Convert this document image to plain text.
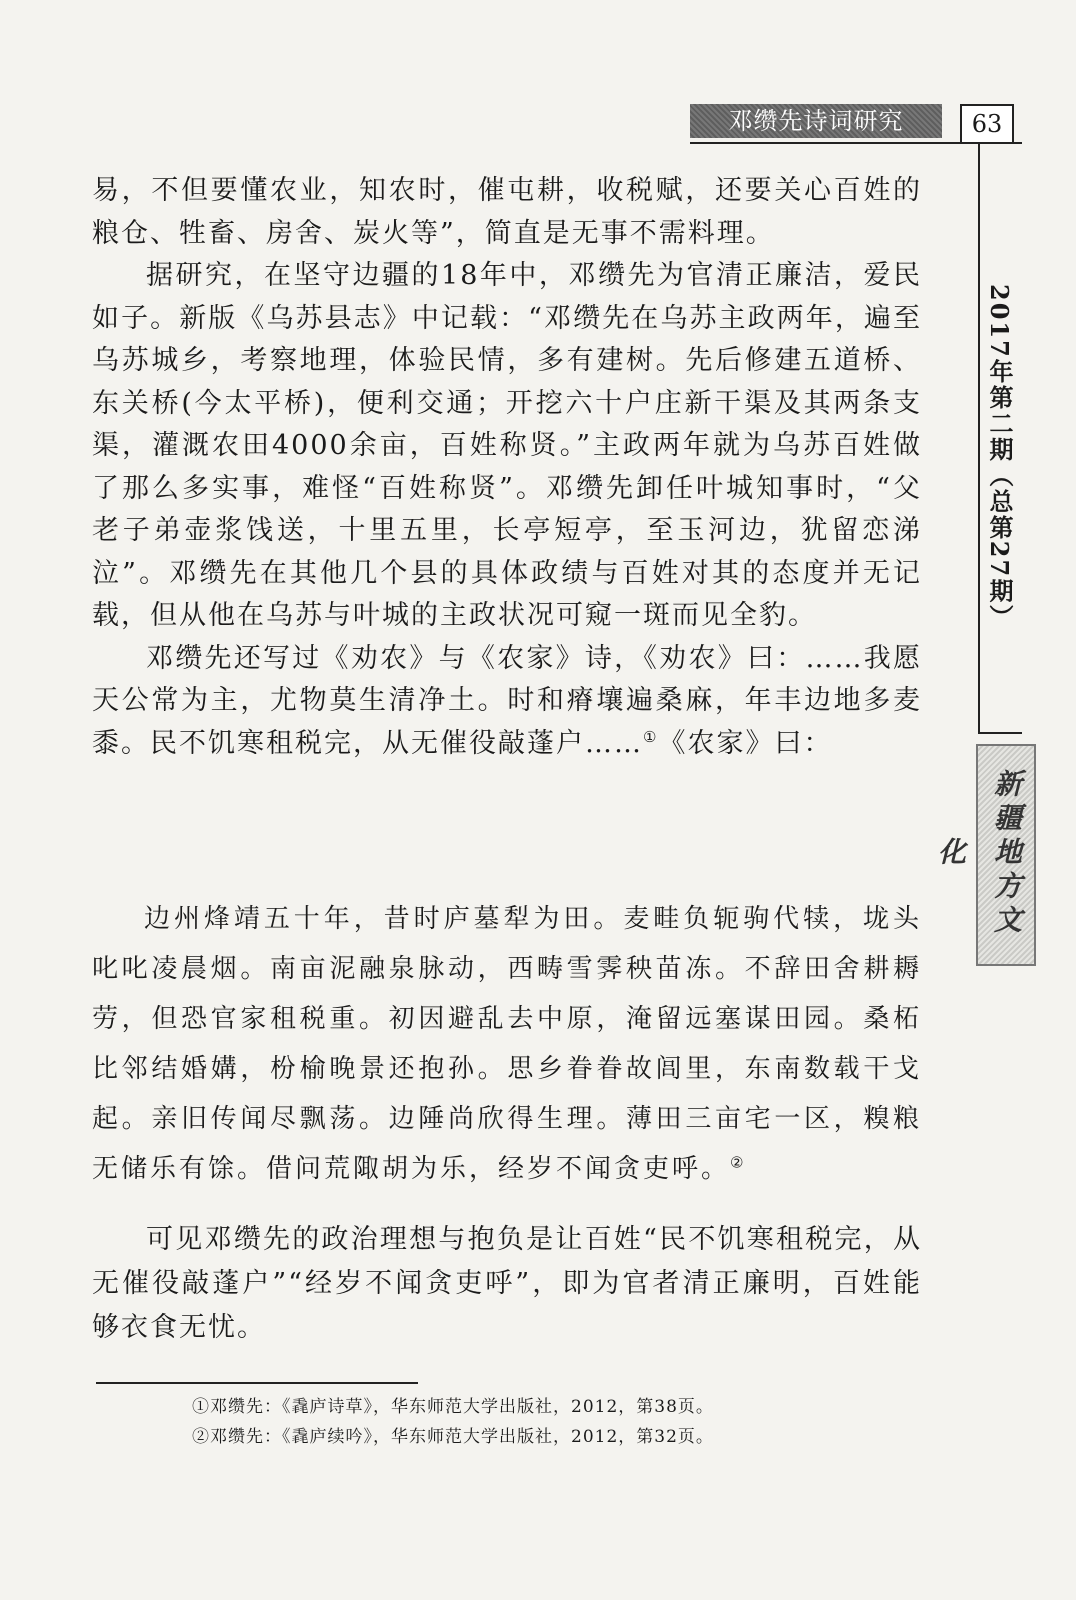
邓缵先诗词研究	63
2017年第二期（总第27期）
新疆地方文化

易，不但要懂农业，知农时，催屯耕，收税赋，还要关心百姓的粮仓、牲畜、房舍、炭火等”，简直是无事不需料理。

据研究，在坚守边疆的18年中，邓缵先为官清正廉洁，爱民如子。新版《乌苏县志》中记载：“邓缵先在乌苏主政两年，遍至乌苏城乡，考察地理，体验民情，多有建树。先后修建五道桥、东关桥(今太平桥)，便利交通；开挖六十户庄新干渠及其两条支渠，灌溉农田4000余亩，百姓称贤。”主政两年就为乌苏百姓做了那么多实事，难怪“百姓称贤”。邓缵先卸任叶城知事时，“父老子弟壶浆饯送，十里五里，长亭短亭，至玉河边，犹留恋涕泣”。邓缵先在其他几个县的具体政绩与百姓对其的态度并无记载，但从他在乌苏与叶城的主政状况可窥一斑而见全豹。

邓缵先还写过《劝农》与《农家》诗，《劝农》曰：……我愿天公常为主，尤物莫生清净土。时和瘠壤遍桑麻，年丰边地多麦黍。民不饥寒租税完，从无催役敲蓬户……①《农家》曰：

边州烽靖五十年，昔时庐墓犁为田。麦畦负轭驹代犊，垅头叱叱凌晨烟。南亩泥融泉脉动，西畴雪霁秧苗冻。不辞田舍耕耨劳，但恐官家租税重。初因避乱去中原，淹留远塞谋田园。桑柘比邻结婚媾，枌榆晚景还抱孙。思乡眷眷故闾里，东南数载干戈起。亲旧传闻尽飘荡。边陲尚欣得生理。薄田三亩宅一区，糗粮无储乐有馀。借问荒陬胡为乐，经岁不闻贪吏呼。②

可见邓缵先的政治理想与抱负是让百姓“民不饥寒租税完，从无催役敲蓬户”“经岁不闻贪吏呼”，即为官者清正廉明，百姓能够衣食无忧。

①邓缵先：《毳庐诗草》，华东师范大学出版社，2012，第38页。
②邓缵先：《毳庐续吟》，华东师范大学出版社，2012，第32页。
